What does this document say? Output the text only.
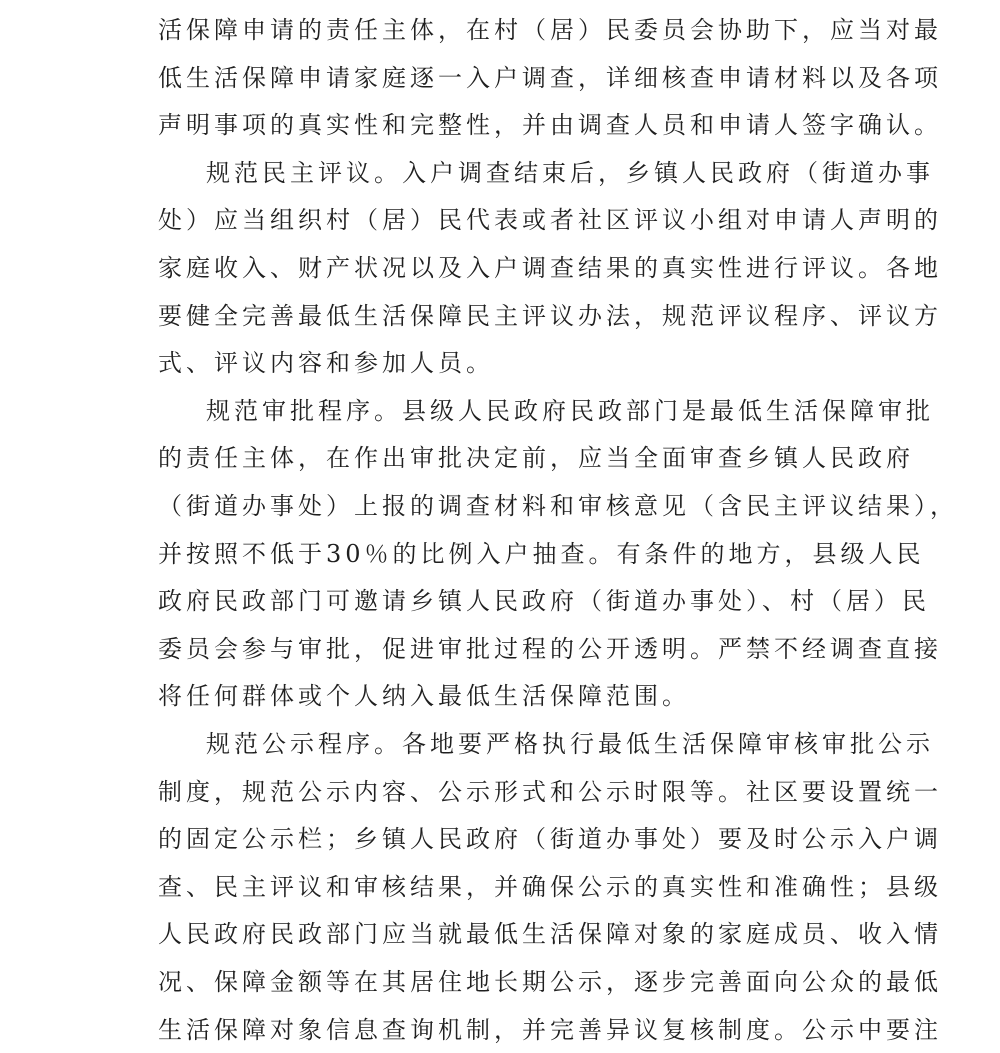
活保障申请的责任主体，在村（居）民委员会协助下，应当对最
低生活保障申请家庭逐一入户调查，详细核查申请材料以及各项
声明事项的真实性和完整性，并由调查人员和申请人签字确认。
规范民主评议。入户调查结束后，乡镇人民政府（街道办事
处）应当组织村（居）民代表或者社区评议小组对申请人声明的
家庭收入、财产状况以及入户调查结果的真实性进行评议。各地
要健全完善最低生活保障民主评议办法，规范评议程序、评议方
式、评议内容和参加人员。
规范审批程序。县级人民政府民政部门是最低生活保障审批
的责任主体，在作出审批决定前，应当全面审查乡镇人民政府
（街道办事处）上报的调查材料和审核意见（含民主评议结果），
并按照不低于30％的比例入户抽查。有条件的地方，县级人民
政府民政部门可邀请乡镇人民政府（街道办事处）、村（居）民
委员会参与审批，促进审批过程的公开透明。严禁不经调查直接
将任何群体或个人纳入最低生活保障范围。
规范公示程序。各地要严格执行最低生活保障审核审批公示
制度，规范公示内容、公示形式和公示时限等。社区要设置统一
的固定公示栏；乡镇人民政府（街道办事处）要及时公示入户调
查、民主评议和审核结果，并确保公示的真实性和准确性；县级
人民政府民政部门应当就最低生活保障对象的家庭成员、收入情
况、保障金额等在其居住地长期公示，逐步完善面向公众的最低
生活保障对象信息查询机制，并完善异议复核制度。公示中要注
